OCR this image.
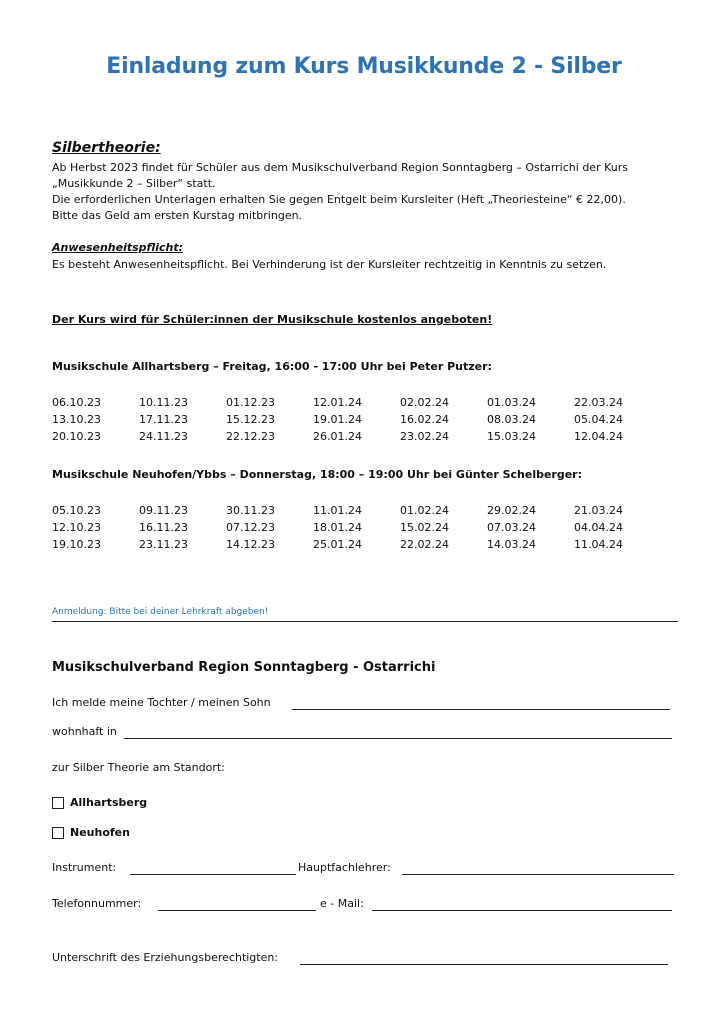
Einladung zum Kurs Musikkunde 2 - Silber
Silbertheorie:
Ab Herbst 2023 findet für Schüler aus dem Musikschulverband Region Sonntagberg – Ostarrichi der Kurs
„Musikkunde 2 – Silber“ statt.
Die erforderlichen Unterlagen erhalten Sie gegen Entgelt beim Kursleiter (Heft „Theoriesteine“ € 22,00).
Bitte das Geld am ersten Kurstag mitbringen.
Anwesenheitspflicht:
Es besteht Anwesenheitspflicht. Bei Verhinderung ist der Kursleiter rechtzeitig in Kenntnis zu setzen.
Der Kurs wird für Schüler:innen der Musikschule kostenlos angeboten!
Musikschule Allhartsberg – Freitag, 16:00 - 17:00 Uhr bei Peter Putzer:
06.10.23	10.11.23	01.12.23	12.01.24	02.02.24	01.03.24	22.03.24
13.10.23	17.11.23	15.12.23	19.01.24	16.02.24	08.03.24	05.04.24
20.10.23	24.11.23	22.12.23	26.01.24	23.02.24	15.03.24	12.04.24
Musikschule Neuhofen/Ybbs – Donnerstag, 18:00 – 19:00 Uhr bei Günter Schelberger:
05.10.23	09.11.23	30.11.23	11.01.24	01.02.24	29.02.24	21.03.24
12.10.23	16.11.23	07.12.23	18.01.24	15.02.24	07.03.24	04.04.24
19.10.23	23.11.23	14.12.23	25.01.24	22.02.24	14.03.24	11.04.24
Anmeldung: Bitte bei deiner Lehrkraft abgeben!
Musikschulverband Region Sonntagberg - Ostarrichi
Ich melde meine Tochter / meinen Sohn
wohnhaft in
zur Silber Theorie am Standort:
Allhartsberg
Neuhofen
Instrument:	Hauptfachlehrer:
Telefonnummer:	e - Mail:
Unterschrift des Erziehungsberechtigten:
